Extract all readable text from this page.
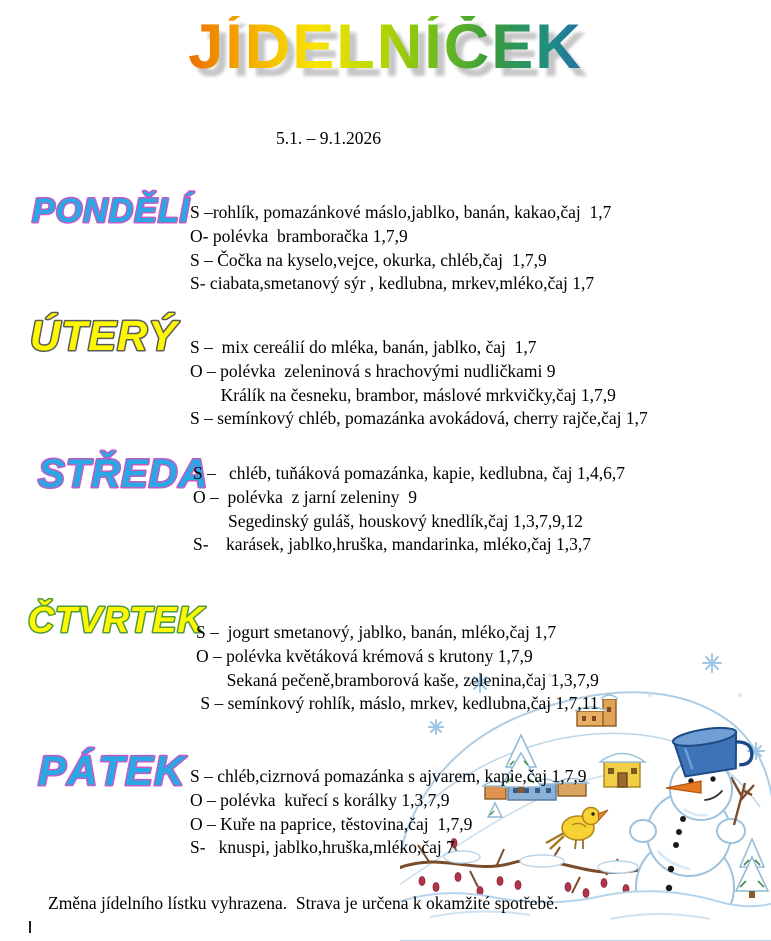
JÍDELNÍČEK
5.1. – 9.1.2026
PONDĚLÍ
ÚTERÝ
STŘEDA
ČTVRTEK
PÁTEK
S –rohlík, pomazánkové máslo,jablko, banán, kakao,čaj  1,7
O- polévka  bramboračka 1,7,9
S – Čočka na kyselo,vejce, okurka, chléb,čaj  1,7,9
S- ciabata,smetanový sýr , kedlubna, mrkev,mléko,čaj 1,7
S –  mix cereálií do mléka, banán, jablko, čaj  1,7
O – polévka  zeleninová s hrachovými nudličkami 9
Králík na česneku, brambor, máslové mrkvičky,čaj 1,7,9
S – semínkový chléb, pomazánka avokádová, cherry rajče,čaj 1,7
S –   chléb, tuňáková pomazánka, kapie, kedlubna, čaj 1,4,6,7
O –  polévka  z jarní zeleniny  9
Segedinský guláš, houskový knedlík,čaj 1,3,7,9,12
S-    karásek, jablko,hruška, mandarinka, mléko,čaj 1,3,7
S –  jogurt smetanový, jablko, banán, mléko,čaj 1,7
O – polévka květáková krémová s krutony 1,7,9
Sekaná pečeně,bramborová kaše, zelenina,čaj 1,3,7,9
S – semínkový rohlík, máslo, mrkev, kedlubna,čaj 1,7,11
S – chléb,cizrnová pomazánka s ajvarem, kapie,čaj 1,7,9
O – polévka  kuřecí s korálky 1,3,7,9
O – Kuře na paprice, těstovina,čaj  1,7,9
S-   knuspi, jablko,hruška,mléko,čaj 7
Změna jídelního lístku vyhrazena.  Strava je určena k okamžité spotřebě.
